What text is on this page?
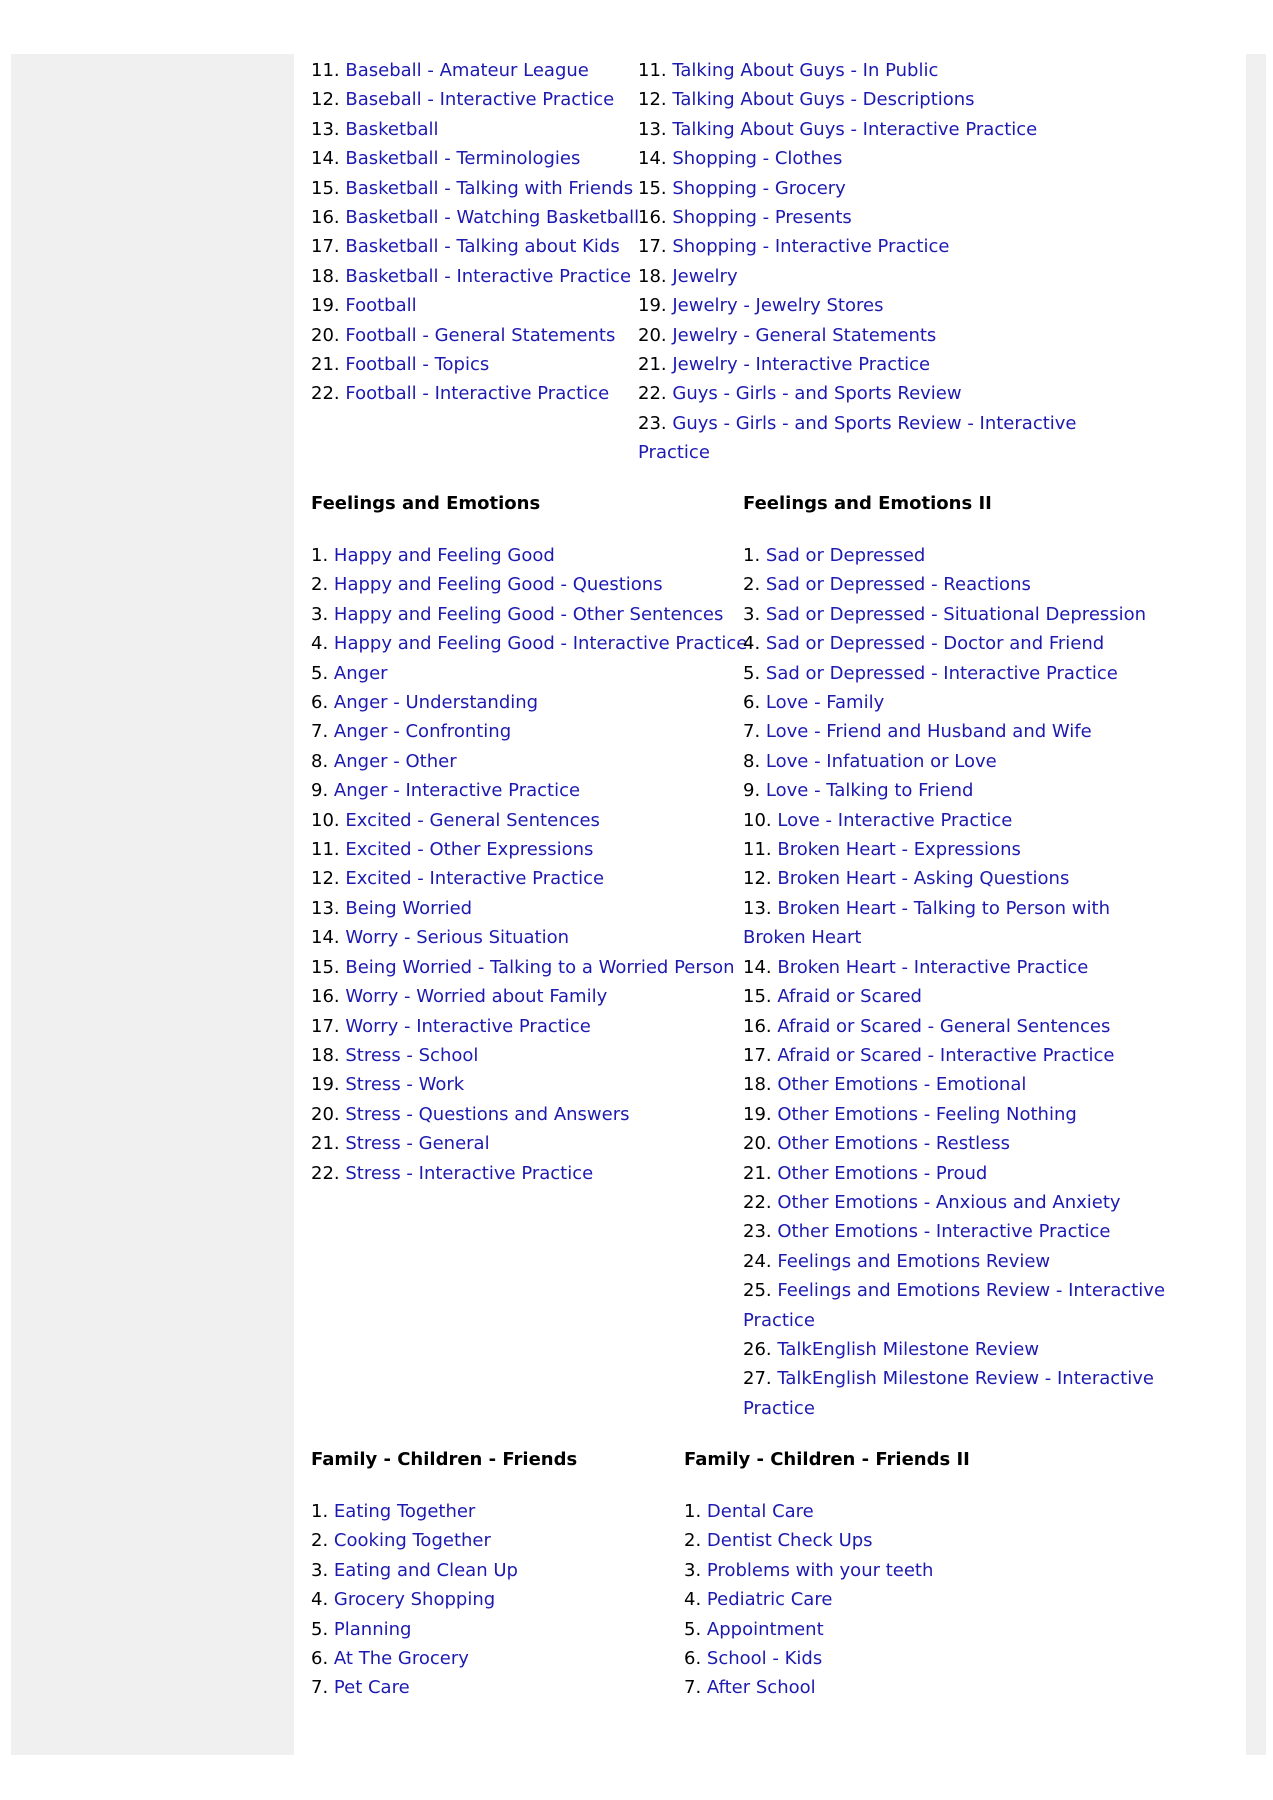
11. Baseball - Amateur League
12. Baseball - Interactive Practice
13. Basketball
14. Basketball - Terminologies
15. Basketball - Talking with Friends
16. Basketball - Watching Basketball
17. Basketball - Talking about Kids
18. Basketball - Interactive Practice
19. Football
20. Football - General Statements
21. Football - Topics
22. Football - Interactive Practice
11. Talking About Guys - In Public
12. Talking About Guys - Descriptions
13. Talking About Guys - Interactive Practice
14. Shopping - Clothes
15. Shopping - Grocery
16. Shopping - Presents
17. Shopping - Interactive Practice
18. Jewelry
19. Jewelry - Jewelry Stores
20. Jewelry - General Statements
21. Jewelry - Interactive Practice
22. Guys - Girls - and Sports Review
23. Guys - Girls - and Sports Review - Interactive Practice
Feelings and Emotions
1. Happy and Feeling Good
2. Happy and Feeling Good - Questions
3. Happy and Feeling Good - Other Sentences
4. Happy and Feeling Good - Interactive Practice
5. Anger
6. Anger - Understanding
7. Anger - Confronting
8. Anger - Other
9. Anger - Interactive Practice
10. Excited - General Sentences
11. Excited - Other Expressions
12. Excited - Interactive Practice
13. Being Worried
14. Worry - Serious Situation
15. Being Worried - Talking to a Worried Person
16. Worry - Worried about Family
17. Worry - Interactive Practice
18. Stress - School
19. Stress - Work
20. Stress - Questions and Answers
21. Stress - General
22. Stress - Interactive Practice
Feelings and Emotions II
1. Sad or Depressed
2. Sad or Depressed - Reactions
3. Sad or Depressed - Situational Depression
4. Sad or Depressed - Doctor and Friend
5. Sad or Depressed - Interactive Practice
6. Love - Family
7. Love - Friend and Husband and Wife
8. Love - Infatuation or Love
9. Love - Talking to Friend
10. Love - Interactive Practice
11. Broken Heart - Expressions
12. Broken Heart - Asking Questions
13. Broken Heart - Talking to Person with Broken Heart
14. Broken Heart - Interactive Practice
15. Afraid or Scared
16. Afraid or Scared - General Sentences
17. Afraid or Scared - Interactive Practice
18. Other Emotions - Emotional
19. Other Emotions - Feeling Nothing
20. Other Emotions - Restless
21. Other Emotions - Proud
22. Other Emotions - Anxious and Anxiety
23. Other Emotions - Interactive Practice
24. Feelings and Emotions Review
25. Feelings and Emotions Review - Interactive Practice
26. TalkEnglish Milestone Review
27. TalkEnglish Milestone Review - Interactive Practice
Family - Children - Friends
1. Eating Together
2. Cooking Together
3. Eating and Clean Up
4. Grocery Shopping
5. Planning
6. At The Grocery
7. Pet Care
Family - Children - Friends II
1. Dental Care
2. Dentist Check Ups
3. Problems with your teeth
4. Pediatric Care
5. Appointment
6. School - Kids
7. After School
